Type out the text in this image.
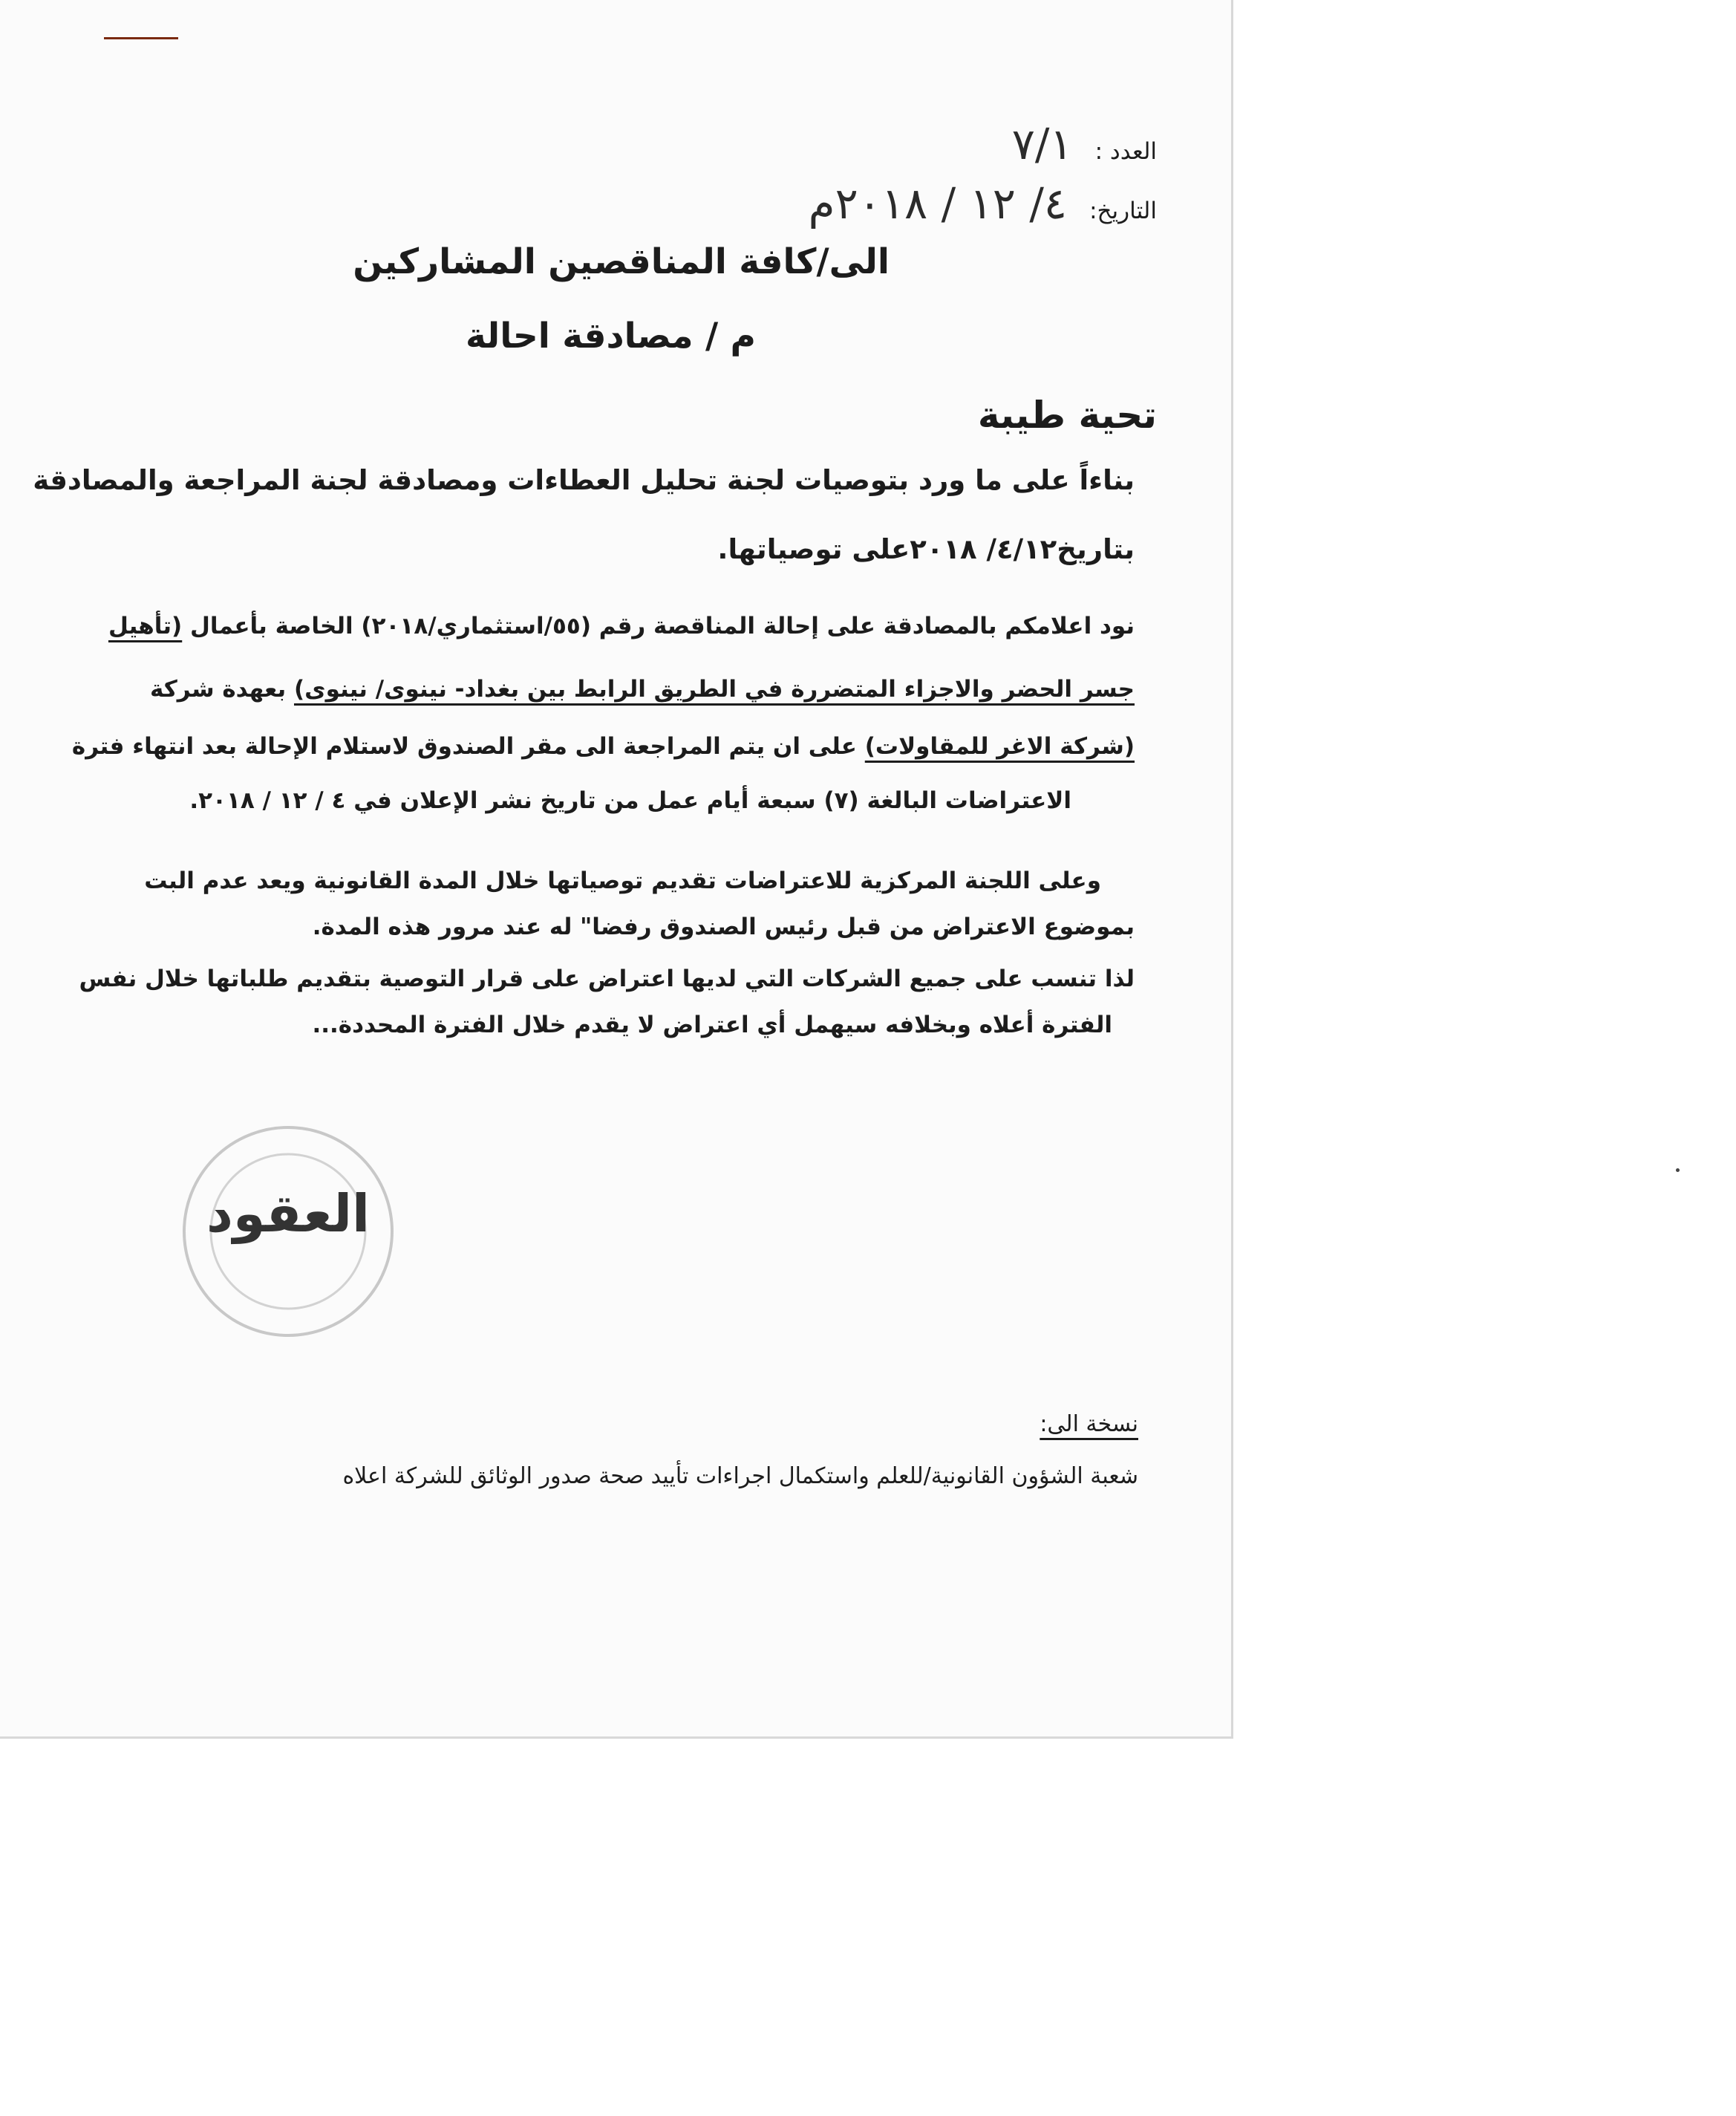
العدد :٧/١
التاريخ:٤/ ١٢ / ٢٠١٨م
الى/كافة المناقصين المشاركين
م / مصادقة احالة
تحية طيبة
بناءاً على ما ورد بتوصيات لجنة تحليل العطاءات ومصادقة لجنة المراجعة والمصادقة
بتاريخ٤/١٢/ ٢٠١٨على توصياتها.
نود اعلامكم بالمصادقة على إحالة المناقصة رقم (٥٥/استثماري/٢٠١٨) الخاصة بأعمال (تأهيل
جسر الحضر والاجزاء المتضررة في الطريق الرابط بين بغداد- نينوى/ نينوى) بعهدة شركة
(شركة الاغر للمقاولات) على ان يتم المراجعة الى مقر الصندوق لاستلام الإحالة بعد انتهاء فترة
الاعتراضات البالغة (٧) سبعة أيام عمل من تاريخ نشر الإعلان في ٤ / ١٢ / ٢٠١٨.
وعلى اللجنة المركزية للاعتراضات تقديم توصياتها خلال المدة القانونية ويعد عدم البت
بموضوع الاعتراض من قبل رئيس الصندوق رفضا" له عند مرور هذه المدة.
لذا تنسب على جميع الشركات التي لديها اعتراض على قرار التوصية بتقديم طلباتها خلال نفس
الفترة أعلاه وبخلافه سيهمل أي اعتراض لا يقدم خلال الفترة المحددة...
العقود
نسخة الى:
شعبة الشؤون القانونية/للعلم واستكمال اجراءات تأييد صحة صدور الوثائق للشركة اعلاه
